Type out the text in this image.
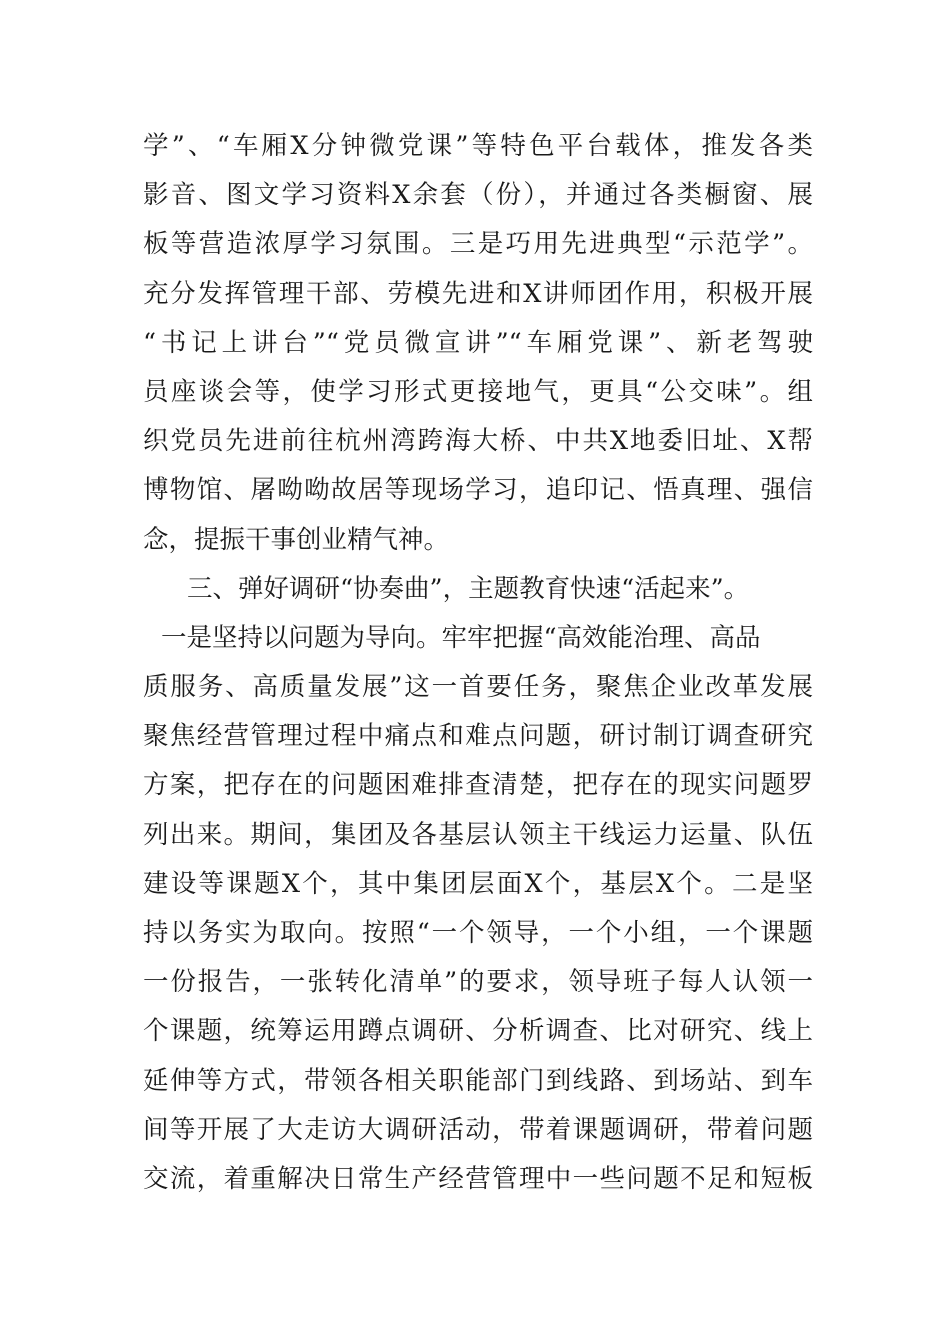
学”、“车厢X分钟微党课”等特色平台载体，推发各类
影音、图文学习资料X余套（份），并通过各类橱窗、展
板等营造浓厚学习氛围。三是巧用先进典型“示范学”。
充分发挥管理干部、劳模先进和X讲师团作用，积极开展
“书记上讲台”“党员微宣讲”“车厢党课”、新老驾驶
员座谈会等，使学习形式更接地气，更具“公交味”。组
织党员先进前往杭州湾跨海大桥、中共X地委旧址、X帮
博物馆、屠呦呦故居等现场学习，追印记、悟真理、强信
念，提振干事创业精气神。
三、弹好调研“协奏曲”，主题教育快速“活起来”。
一是坚持以问题为导向。牢牢把握“高效能治理、高品
质服务、高质量发展”这一首要任务，聚焦企业改革发展
聚焦经营管理过程中痛点和难点问题，研讨制订调查研究
方案，把存在的问题困难排查清楚，把存在的现实问题罗
列出来。期间，集团及各基层认领主干线运力运量、队伍
建设等课题X个，其中集团层面X个，基层X个。二是坚
持以务实为取向。按照“一个领导，一个小组，一个课题
一份报告，一张转化清单”的要求，领导班子每人认领一
个课题，统筹运用蹲点调研、分析调查、比对研究、线上
延伸等方式，带领各相关职能部门到线路、到场站、到车
间等开展了大走访大调研活动，带着课题调研，带着问题
交流，着重解决日常生产经营管理中一些问题不足和短板
